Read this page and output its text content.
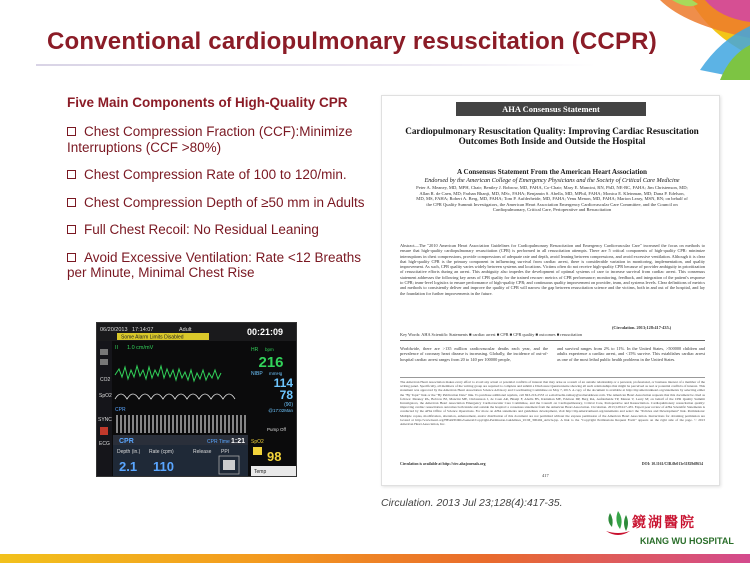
Conventional cardiopulmonary resuscitation (CCPR)
Five Main Components of High-Quality CPR
Chest Compression Fraction (CCF):Minimize Interruptions (CCF >80%)
Chest Compression Rate of 100 to 120/min.
Chest Compression Depth of ≥50 mm in Adults
Full Chest Recoil: No Residual Leaning
Avoid Excessive Ventilation: Rate <12 Breaths per Minute, Minimal Chest Rise
06/20/2013 17:14:07	Adult	00:21:09
Some Alarm Limits Disabled
CO2
SpO2
SYNC
ECG
II 1.0 cm/mV
CPR
HR bpm
216
NIBP mmHg
114
78
(90)
@17:02Man
Pump Off
CPR	CPR Time 1:21
Depth (in.) Rate (cpm)	Release PPI
2.1 110
SpO2
98
Temp
AHA Consensus Statement
Cardiopulmonary Resuscitation Quality: Improving Cardiac Resuscitation Outcomes Both Inside and Outside the Hospital
A Consensus Statement From the American Heart Association
Endorsed by the American College of Emergency Physicians and the Society of Critical Care Medicine
Peter A. Meaney, MD, MPH, Chair; Bentley J. Bobrow, MD, FAHA, Co-Chair; Mary E. Mancini, RN, PhD, NE-BC, FAHA; Jim Christenson, MD; Allan R. de Caen, MD; Farhan Bhanji, MD, MSc, FAHA; Benjamin S. Abella, MD, MPhil, FAHA; Monica E. Kleinman, MD; Dana P. Edelson, MD, MS, FAHA; Robert A. Berg, MD, FAHA; Tom P. Aufderheide, MD, FAHA; Venu Menon, MD, FAHA; Marion Leary, MSN, RN; on behalf of the CPR Quality Summit Investigators, the American Heart Association Emergency Cardiovascular Care Committee, and the Council on Cardiopulmonary, Critical Care, Perioperative and Resuscitation
Abstract—The "2010 American Heart Association Guidelines for Cardiopulmonary Resuscitation and Emergency Cardiovascular Care" increased the focus on methods to ensure that high-quality cardiopulmonary resuscitation (CPR) is performed in all resuscitation attempts. There are 5 critical components of high-quality CPR: minimize interruptions in chest compressions, provide compressions of adequate rate and depth, avoid leaning between compressions, and avoid excessive ventilation. Although it is clear that high-quality CPR is the primary component in influencing survival from cardiac arrest, there is considerable variation in monitoring, implementation, and quality improvement. As such, CPR quality varies widely between systems and locations. Victims often do not receive high-quality CPR because of provider ambiguity in prioritization of resuscitative efforts during an arrest. This ambiguity also impedes the development of optimal systems of care to increase survival from cardiac arrest. This consensus statement addresses the following key areas of CPR quality for the trained rescuer: metrics of CPR performance; monitoring, feedback, and integration of the patient's response to CPR; team-level logistics to ensure performance of high-quality CPR; and continuous quality improvement on provider, team, and systems levels. Clear definitions of metrics and methods to consistently deliver and improve the quality of CPR will narrow the gap between resuscitation science and the victims, both in and out of the hospital, and lay the foundation for further improvements in the future.
(Circulation. 2013;128:417-435.)
Key Words: AHA Scientific Statements ■ cardiac arrest ■ CPR ■ CPR quality ■ outcomes ■ resuscitation
Worldwide, there are >135 million cardiovascular deaths each year, and the prevalence of coronary heart disease is increasing. Globally, the incidence of out-of-hospital cardiac arrest ranges from 20 to 140 per 100000 people,
and survival ranges from 2% to 11%. In the United States, >500000 children and adults experience a cardiac arrest, and <15% survive. This establishes cardiac arrest as one of the most lethal public health problems in the United States.
The American Heart Association makes every effort to avoid any actual or potential conflicts of interest that may arise as a result of an outside relationship or a personal, professional, or business interest of a member of the writing panel. Specifically, all members of the writing group are required to complete and submit a Disclosure Questionnaire showing all such relationships that might be perceived as real or potential conflicts of interest. This statement was approved by the American Heart Association Science Advisory and Coordinating Committee on May 7, 2013. A copy of the document is available at http://my.americanheart.org/statements by selecting either the "By Topic" link or the "By Publication Date" link. To purchase additional reprints, call 843-216-2533 or e-mail kelle.ramsay@wolterskluwer.com. The American Heart Association requests that this document be cited as follows: Meaney PA, Bobrow BJ, Mancini ME, Christenson J, de Caen AR, Bhanji F, Abella BS, Kleinman ME, Edelson DP, Berg RA, Aufderheide TP, Menon V, Leary M; on behalf of the CPR Quality Summit Investigators, the American Heart Association Emergency Cardiovascular Care Committee, and the Council on Cardiopulmonary, Critical Care, Perioperative and Resuscitation. Cardiopulmonary resuscitation quality: improving cardiac resuscitation outcomes both inside and outside the hospital: a consensus statement from the American Heart Association. Circulation. 2013;128:417-435. Expert peer review of AHA Scientific Statements is conducted by the AHA Office of Science Operations. For more on AHA statements and guidelines development, visit http://my.americanheart.org/statements and select the "Policies and Development" link. Permissions: Multiple copies, modification, alteration, enhancement, and/or distribution of this document are not permitted without the express permission of the American Heart Association. Instructions for obtaining permission are located at http://www.heart.org/HEARTORG/General/Copyright-Permission-Guidelines_UCM_300404_Article.jsp. A link to the "Copyright Permissions Request Form" appears on the right side of the page. © 2013 American Heart Association, Inc.
Circulation is available at http://circ.ahajournals.org	DOI: 10.1161/CIR.0b013e31829d8654
417
Circulation. 2013 Jul 23;128(4):417-35.
鏡湖醫院
KIANG WU HOSPITAL
